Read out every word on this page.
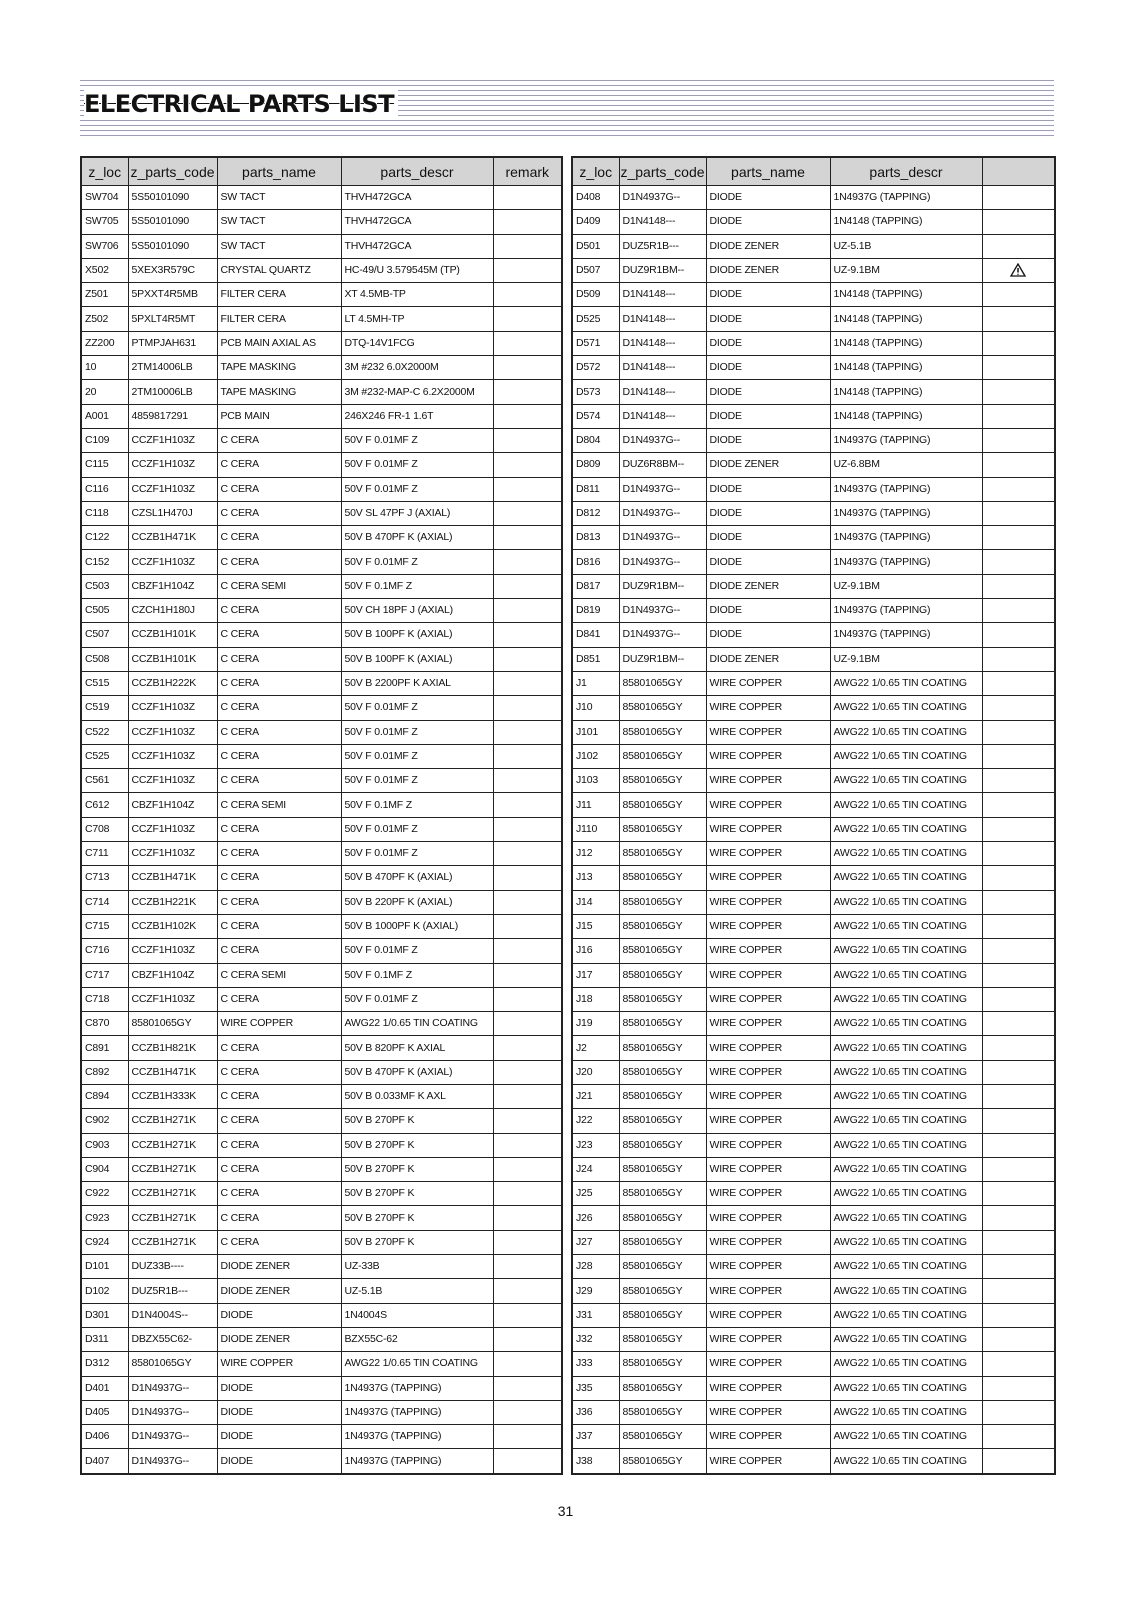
ELECTRICAL PARTS LIST
z_loc	z_parts_code	parts_name	parts_descr	remark
SW704	5S50101090	SW TACT	THVH472GCA	
SW705	5S50101090	SW TACT	THVH472GCA	
SW706	5S50101090	SW TACT	THVH472GCA	
X502	5XEX3R579C	CRYSTAL QUARTZ	HC-49/U 3.579545M (TP)	
Z501	5PXXT4R5MB	FILTER CERA	XT 4.5MB-TP	
Z502	5PXLT4R5MT	FILTER CERA	LT 4.5MH-TP	
ZZ200	PTMPJAH631	PCB MAIN AXIAL AS	DTQ-14V1FCG	
10	2TM14006LB	TAPE MASKING	3M #232 6.0X2000M	
20	2TM10006LB	TAPE MASKING	3M #232-MAP-C 6.2X2000M	
A001	4859817291	PCB MAIN	246X246 FR-1 1.6T	
C109	CCZF1H103Z	C CERA	50V F 0.01MF Z	
C115	CCZF1H103Z	C CERA	50V F 0.01MF Z	
C116	CCZF1H103Z	C CERA	50V F 0.01MF Z	
C118	CZSL1H470J	C CERA	50V SL 47PF J (AXIAL)	
C122	CCZB1H471K	C CERA	50V B 470PF K (AXIAL)	
C152	CCZF1H103Z	C CERA	50V F 0.01MF Z	
C503	CBZF1H104Z	C CERA SEMI	50V F 0.1MF Z	
C505	CZCH1H180J	C CERA	50V CH 18PF J (AXIAL)	
C507	CCZB1H101K	C CERA	50V B 100PF K (AXIAL)	
C508	CCZB1H101K	C CERA	50V B 100PF K (AXIAL)	
C515	CCZB1H222K	C CERA	50V B 2200PF K AXIAL	
C519	CCZF1H103Z	C CERA	50V F 0.01MF Z	
C522	CCZF1H103Z	C CERA	50V F 0.01MF Z	
C525	CCZF1H103Z	C CERA	50V F 0.01MF Z	
C561	CCZF1H103Z	C CERA	50V F 0.01MF Z	
C612	CBZF1H104Z	C CERA SEMI	50V F 0.1MF Z	
C708	CCZF1H103Z	C CERA	50V F 0.01MF Z	
C711	CCZF1H103Z	C CERA	50V F 0.01MF Z	
C713	CCZB1H471K	C CERA	50V B 470PF K (AXIAL)	
C714	CCZB1H221K	C CERA	50V B 220PF K (AXIAL)	
C715	CCZB1H102K	C CERA	50V B 1000PF K (AXIAL)	
C716	CCZF1H103Z	C CERA	50V F 0.01MF Z	
C717	CBZF1H104Z	C CERA SEMI	50V F 0.1MF Z	
C718	CCZF1H103Z	C CERA	50V F 0.01MF Z	
C870	85801065GY	WIRE COPPER	AWG22 1/0.65 TIN COATING	
C891	CCZB1H821K	C CERA	50V B 820PF K AXIAL	
C892	CCZB1H471K	C CERA	50V B 470PF K (AXIAL)	
C894	CCZB1H333K	C CERA	50V B 0.033MF K AXL	
C902	CCZB1H271K	C CERA	50V B 270PF K	
C903	CCZB1H271K	C CERA	50V B 270PF K	
C904	CCZB1H271K	C CERA	50V B 270PF K	
C922	CCZB1H271K	C CERA	50V B 270PF K	
C923	CCZB1H271K	C CERA	50V B 270PF K	
C924	CCZB1H271K	C CERA	50V B 270PF K	
D101	DUZ33B----	DIODE ZENER	UZ-33B	
D102	DUZ5R1B---	DIODE ZENER	UZ-5.1B	
D301	D1N4004S--	DIODE	1N4004S	
D311	DBZX55C62-	DIODE ZENER	BZX55C-62	
D312	85801065GY	WIRE COPPER	AWG22 1/0.65 TIN COATING	
D401	D1N4937G--	DIODE	1N4937G (TAPPING)	
D405	D1N4937G--	DIODE	1N4937G (TAPPING)	
D406	D1N4937G--	DIODE	1N4937G (TAPPING)	
D407	D1N4937G--	DIODE	1N4937G (TAPPING)	
z_loc	z_parts_code	parts_name	parts_descr	
D408	D1N4937G--	DIODE	1N4937G (TAPPING)	
D409	D1N4148---	DIODE	1N4148 (TAPPING)	
D501	DUZ5R1B---	DIODE ZENER	UZ-5.1B	
D507	DUZ9R1BM--	DIODE ZENER	UZ-9.1BM	
D509	D1N4148---	DIODE	1N4148 (TAPPING)	
D525	D1N4148---	DIODE	1N4148 (TAPPING)	
D571	D1N4148---	DIODE	1N4148 (TAPPING)	
D572	D1N4148---	DIODE	1N4148 (TAPPING)	
D573	D1N4148---	DIODE	1N4148 (TAPPING)	
D574	D1N4148---	DIODE	1N4148 (TAPPING)	
D804	D1N4937G--	DIODE	1N4937G (TAPPING)	
D809	DUZ6R8BM--	DIODE ZENER	UZ-6.8BM	
D811	D1N4937G--	DIODE	1N4937G (TAPPING)	
D812	D1N4937G--	DIODE	1N4937G (TAPPING)	
D813	D1N4937G--	DIODE	1N4937G (TAPPING)	
D816	D1N4937G--	DIODE	1N4937G (TAPPING)	
D817	DUZ9R1BM--	DIODE ZENER	UZ-9.1BM	
D819	D1N4937G--	DIODE	1N4937G (TAPPING)	
D841	D1N4937G--	DIODE	1N4937G (TAPPING)	
D851	DUZ9R1BM--	DIODE ZENER	UZ-9.1BM	
J1	85801065GY	WIRE COPPER	AWG22 1/0.65 TIN COATING	
J10	85801065GY	WIRE COPPER	AWG22 1/0.65 TIN COATING	
J101	85801065GY	WIRE COPPER	AWG22 1/0.65 TIN COATING	
J102	85801065GY	WIRE COPPER	AWG22 1/0.65 TIN COATING	
J103	85801065GY	WIRE COPPER	AWG22 1/0.65 TIN COATING	
J11	85801065GY	WIRE COPPER	AWG22 1/0.65 TIN COATING	
J110	85801065GY	WIRE COPPER	AWG22 1/0.65 TIN COATING	
J12	85801065GY	WIRE COPPER	AWG22 1/0.65 TIN COATING	
J13	85801065GY	WIRE COPPER	AWG22 1/0.65 TIN COATING	
J14	85801065GY	WIRE COPPER	AWG22 1/0.65 TIN COATING	
J15	85801065GY	WIRE COPPER	AWG22 1/0.65 TIN COATING	
J16	85801065GY	WIRE COPPER	AWG22 1/0.65 TIN COATING	
J17	85801065GY	WIRE COPPER	AWG22 1/0.65 TIN COATING	
J18	85801065GY	WIRE COPPER	AWG22 1/0.65 TIN COATING	
J19	85801065GY	WIRE COPPER	AWG22 1/0.65 TIN COATING	
J2	85801065GY	WIRE COPPER	AWG22 1/0.65 TIN COATING	
J20	85801065GY	WIRE COPPER	AWG22 1/0.65 TIN COATING	
J21	85801065GY	WIRE COPPER	AWG22 1/0.65 TIN COATING	
J22	85801065GY	WIRE COPPER	AWG22 1/0.65 TIN COATING	
J23	85801065GY	WIRE COPPER	AWG22 1/0.65 TIN COATING	
J24	85801065GY	WIRE COPPER	AWG22 1/0.65 TIN COATING	
J25	85801065GY	WIRE COPPER	AWG22 1/0.65 TIN COATING	
J26	85801065GY	WIRE COPPER	AWG22 1/0.65 TIN COATING	
J27	85801065GY	WIRE COPPER	AWG22 1/0.65 TIN COATING	
J28	85801065GY	WIRE COPPER	AWG22 1/0.65 TIN COATING	
J29	85801065GY	WIRE COPPER	AWG22 1/0.65 TIN COATING	
J31	85801065GY	WIRE COPPER	AWG22 1/0.65 TIN COATING	
J32	85801065GY	WIRE COPPER	AWG22 1/0.65 TIN COATING	
J33	85801065GY	WIRE COPPER	AWG22 1/0.65 TIN COATING	
J35	85801065GY	WIRE COPPER	AWG22 1/0.65 TIN COATING	
J36	85801065GY	WIRE COPPER	AWG22 1/0.65 TIN COATING	
J37	85801065GY	WIRE COPPER	AWG22 1/0.65 TIN COATING	
J38	85801065GY	WIRE COPPER	AWG22 1/0.65 TIN COATING	
31
